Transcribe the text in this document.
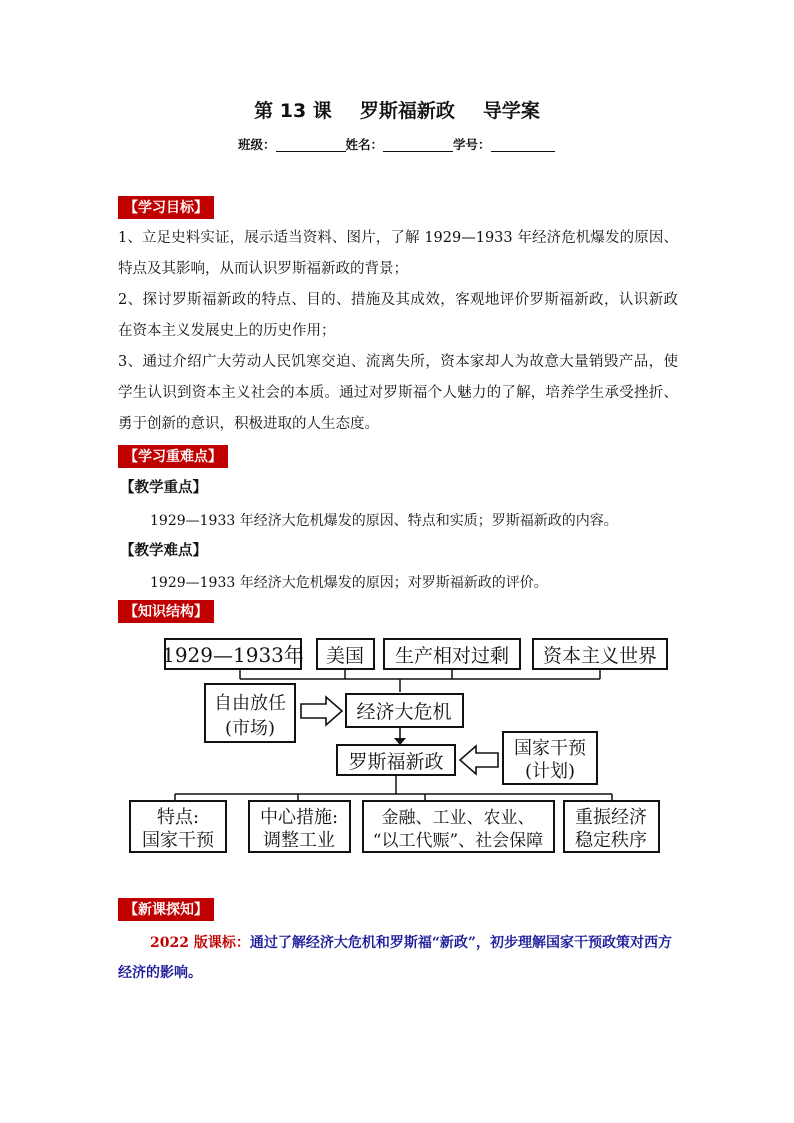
第 13 课 罗斯福新政 导学案
班级：	姓名：	学号：
【学习目标】
1、立足史料实证，展示适当资料、图片，了解 1929—1933 年经济危机爆发的原因、特点及其影响，从而认识罗斯福新政的背景；
2、探讨罗斯福新政的特点、目的、措施及其成效，客观地评价罗斯福新政，认识新政在资本主义发展史上的历史作用；
3、通过介绍广大劳动人民饥寒交迫、流离失所，资本家却人为故意大量销毁产品，使学生认识到资本主义社会的本质。通过对罗斯福个人魅力的了解，培养学生承受挫折、勇于创新的意识，积极进取的人生态度。
【学习重难点】
【教学重点】
1929—1933 年经济大危机爆发的原因、特点和实质；罗斯福新政的内容。
【教学难点】
1929—1933 年经济大危机爆发的原因；对罗斯福新政的评价。
【知识结构】
1929—1933年 美国 生产相对过剩 资本主义世界
自由放任
(市场)
经济大危机
罗斯福新政
国家干预
(计划)
特点:
国家干预
中心措施:
调整工业
金融、工业、农业、
“以工代赈”、社会保障
重振经济
稳定秩序
【新课探知】
2022 版课标：通过了解经济大危机和罗斯福“新政”，初步理解国家干预政策对西方经济的影响。
